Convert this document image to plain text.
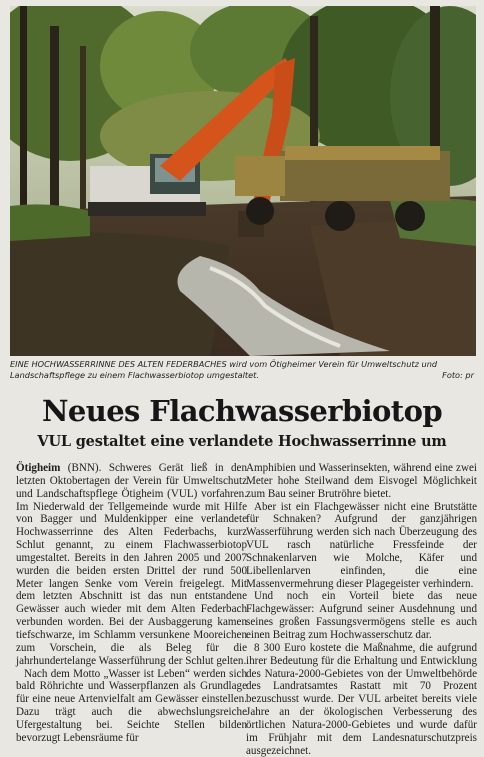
EINE HOCHWASSERRINNE DES ALTEN FEDERBACHES wird vom Ötigheimer Verein für Umweltschutz und Landschaftspflege zu einem Flachwasserbiotop umgestaltet.	Foto: pr
Neues Flachwasserbiotop
VUL gestaltet eine verlandete Hochwasserrinne um

Ötigheim (BNN). Schweres Gerät ließ in den letzten Oktobertagen der Verein für Umweltschutz und Landschaftspflege Ötigheim (VUL) vorfahren. Im Niederwald der Tellgemeinde wurde mit Hilfe von Bagger und Muldenkipper eine verlandete Hochwasserrinne des Alten Federbachs, kurz Schlut genannt, zu einem Flachwasserbiotop umgestaltet. Bereits in den Jahren 2005 und 2007 wurden die beiden ersten Drittel der rund 500 Meter langen Senke vom Verein freigelegt. Mit dem letzten Abschnitt ist das nun entstandene Gewässer auch wieder mit dem Alten Federbach verbunden worden. Bei der Ausbaggerung kamen tiefschwarze, im Schlamm versunkene Mooreichen zum Vorschein, die als Beleg für die jahrhundertelange Wasserführung der Schlut gelten.

Nach dem Motto „Wasser ist Leben“ werden sich bald Röhrichte und Wasserpflanzen als Grundlage für eine neue Artenvielfalt am Gewässer einstellen. Dazu trägt auch die abwechslungsreiche Ufergestaltung bei. Seichte Stellen bilden bevorzugt Lebensräume für

Amphibien und Wasserinsekten, während eine zwei Meter hohe Steilwand dem Eisvogel Möglichkeit zum Bau seiner Brutröhre bietet.

Aber ist ein Flachgewässer nicht eine Brutstätte für Schnaken? Aufgrund der ganzjährigen Wasserführung werden sich nach Überzeugung des VUL rasch natürliche Fressfeinde der Schnakenlarven wie Molche, Käfer und Libellenlarven einfinden, die eine Massenvermehrung dieser Plagegeister verhindern.

Und noch ein Vorteil biete das neue Flachgewässer: Aufgrund seiner Ausdehnung und seines großen Fassungsvermögens stelle es auch einen Beitrag zum Hochwasserschutz dar.

8 300 Euro kostete die Maßnahme, die aufgrund ihrer Bedeutung für die Erhaltung und Entwicklung des Natura-2000-Gebietes von der Umweltbehörde des Landratsamtes Rastatt mit 70 Prozent bezuschusst wurde. Der VUL arbeitet bereits viele Jahre an der ökologischen Verbesserung des örtlichen Natura-2000-Gebietes und wurde dafür im Frühjahr mit dem Landesnaturschutzpreis ausgezeichnet.
